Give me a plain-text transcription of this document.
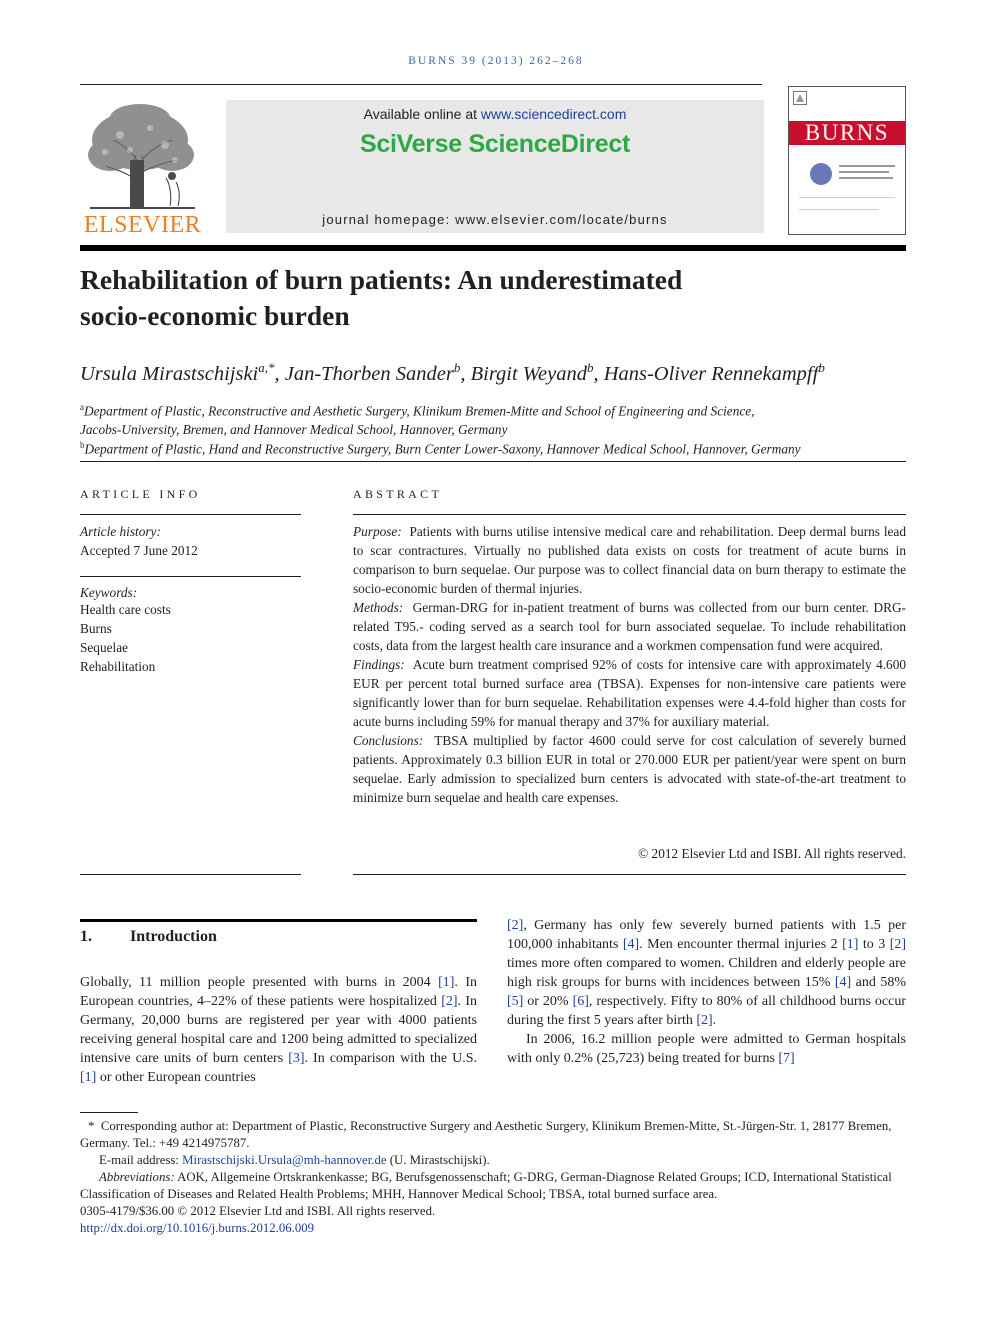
BURNS 39 (2013) 262–268
ELSEVIER
Available online at www.sciencedirect.com
SciVerse ScienceDirect
journal homepage: www.elsevier.com/locate/burns
BURNS
Rehabilitation of burn patients: An underestimated
socio-economic burden
Ursula Mirastschijski$^{a,*}$, Jan-Thorben Sander$^b$, Birgit Weyand$^b$, Hans-Oliver Rennekampff$^b$
$^a$Department of Plastic, Reconstructive and Aesthetic Surgery, Klinikum Bremen-Mitte and School of Engineering and Science,
Jacobs-University, Bremen, and Hannover Medical School, Hannover, Germany
$^b$Department of Plastic, Hand and Reconstructive Surgery, Burn Center Lower-Saxony, Hannover Medical School, Hannover, Germany
ARTICLE INFO
Article history:
Accepted 7 June 2012
Keywords:
Health care costs
Burns
Sequelae
Rehabilitation
ABSTRACT

Purpose: Patients with burns utilise intensive medical care and rehabilitation. Deep dermal burns lead to scar contractures. Virtually no published data exists on costs for treatment of acute burns in comparison to burn sequelae. Our purpose was to collect financial data on burn therapy to estimate the socio-economic burden of thermal injuries.

Methods: German-DRG for in-patient treatment of burns was collected from our burn center. DRG-related T95.- coding served as a search tool for burn associated sequelae. To include rehabilitation costs, data from the largest health care insurance and a workmen compensation fund were acquired.

Findings: Acute burn treatment comprised 92% of costs for intensive care with approximately 4.600 EUR per percent total burned surface area (TBSA). Expenses for non-intensive care patients were significantly lower than for burn sequelae. Rehabilitation expenses were 4.4-fold higher than costs for acute burns including 59% for manual therapy and 37% for auxiliary material.

Conclusions: TBSA multiplied by factor 4600 could serve for cost calculation of severely burned patients. Approximately 0.3 billion EUR in total or 270.000 EUR per patient/year were spent on burn sequelae. Early admission to specialized burn centers is advocated with state-of-the-art treatment to minimize burn sequelae and health care expenses.

© 2012 Elsevier Ltd and ISBI. All rights reserved.
1. Introduction

Globally, 11 million people presented with burns in 2004 [1]. In European countries, 4–22% of these patients were hospitalized [2]. In Germany, 20,000 burns are registered per year with 4000 patients receiving general hospital care and 1200 being admitted to specialized intensive care units of burn centers [3]. In comparison with the U.S. [1] or other European countries

[2], Germany has only few severely burned patients with 1.5 per 100,000 inhabitants [4]. Men encounter thermal injuries 2 [1] to 3 [2] times more often compared to women. Children and elderly people are high risk groups for burns with incidences between 15% [4] and 58% [5] or 20% [6], respectively. Fifty to 80% of all childhood burns occur during the first 5 years after birth [2].

In 2006, 16.2 million people were admitted to German hospitals with only 0.2% (25,723) being treated for burns [7]

* Corresponding author at: Department of Plastic, Reconstructive Surgery and Aesthetic Surgery, Klinikum Bremen-Mitte, St.-Jürgen-Str. 1, 28177 Bremen, Germany. Tel.: +49 4214975787.

E-mail address: Mirastschijski.Ursula@mh-hannover.de (U. Mirastschijski).

Abbreviations: AOK, Allgemeine Ortskrankenkasse; BG, Berufsgenossenschaft; G-DRG, German-Diagnose Related Groups; ICD, International Statistical Classification of Diseases and Related Health Problems; MHH, Hannover Medical School; TBSA, total burned surface area.

0305-4179/$36.00 © 2012 Elsevier Ltd and ISBI. All rights reserved.

http://dx.doi.org/10.1016/j.burns.2012.06.009
